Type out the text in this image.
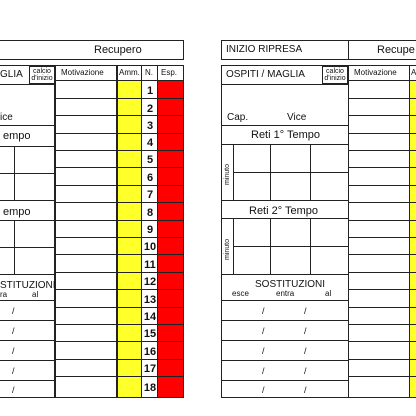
Recupero
GLIA calcio
d'inizio
ice
empo
empo
STITUZIONI
ra	al
/
/
/
/
/
Motivazione Amm. N. Esp.
1
2
3
4
5
6
7
8
9
10
11
12
13
14
15
16
17
18
INIZIO RIPRESA	Recupe
OSPITI / MAGLIA	calcio
d'inizio
Cap.	Vice
Reti 1° Tempo
minuto
Reti 2° Tempo
minuto
SOSTITUZIONI
esce	entra	al
/	/
/	/
/	/
/	/
/	/
Motivazione A
